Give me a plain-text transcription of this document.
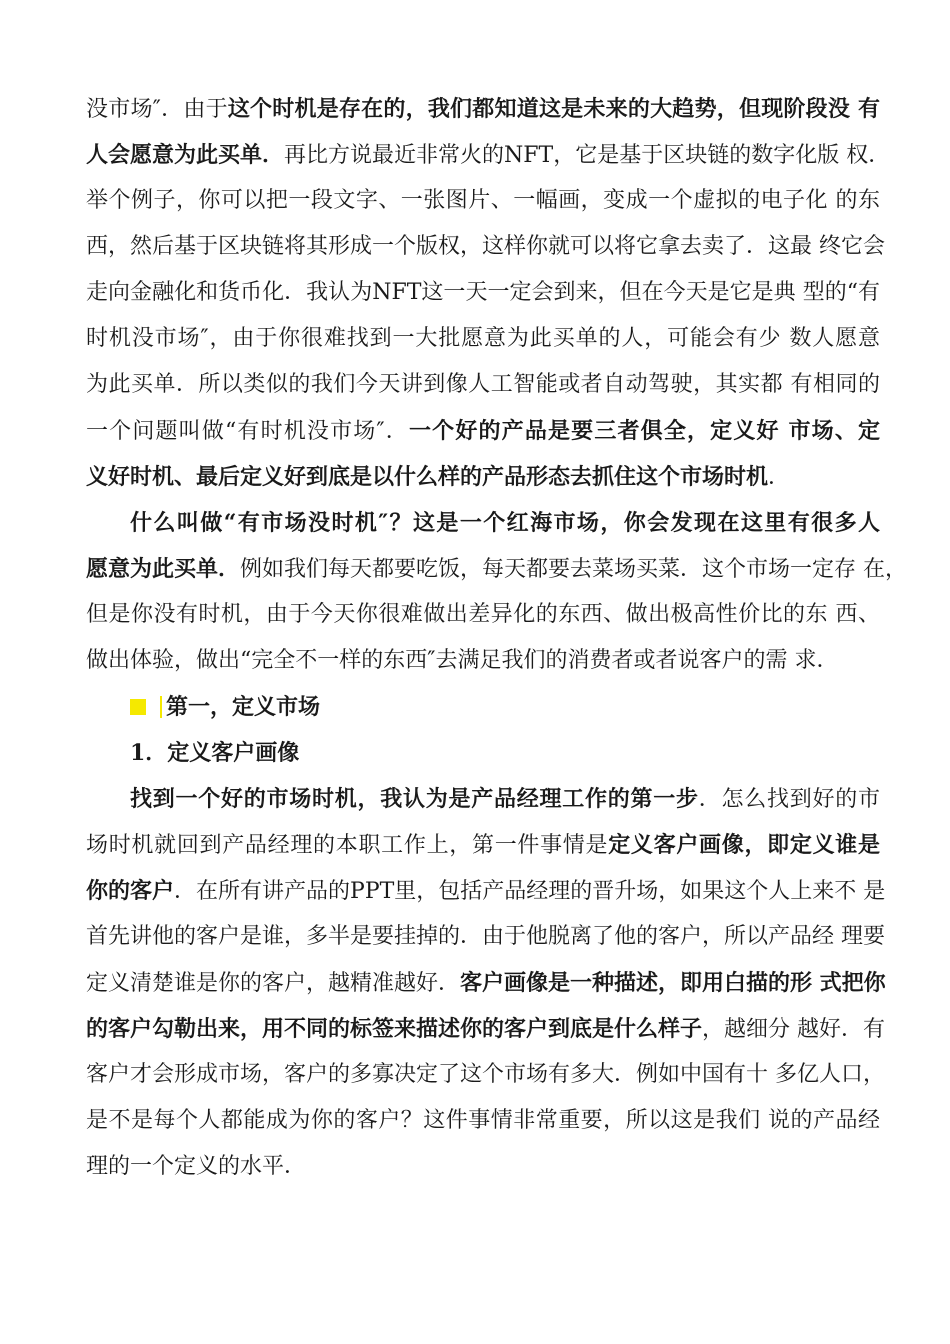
没市场″．由于这个时机是存在的，我们都知道这是未来的大趋势，但现阶段没 有
人会愿意为此买单．再比方说最近非常火的NFT，它是基于区块链的数字化版 权．
举个例子，你可以把一段文字、一张图片、一幅画，变成一个虚拟的电子化 的东
西，然后基于区块链将其形成一个版权，这样你就可以将它拿去卖了．这最 终它会
走向金融化和货币化．我认为NFT这一天一定会到来，但在今天是它是典 型的“有
时机没市场″，由于你很难找到一大批愿意为此买单的人，可能会有少 数人愿意
为此买单．所以类似的我们今天讲到像人工智能或者自动驾驶，其实都 有相同的
一个问题叫做“有时机没市场″．一个好的产品是要三者俱全，定义好 市场、定
义好时机、最后定义好到底是以什么样的产品形态去抓住这个市场时机．
什么叫做“有市场没时机″？这是一个红海市场，你会发现在这里有很多人
愿意为此买单．例如我们每天都要吃饭，每天都要去菜场买菜．这个市场一定存 在，
但是你没有时机，由于今天你很难做出差异化的东西、做出极高性价比的东 西、
做出体验，做出“完全不一样的东西″去满足我们的消费者或者说客户的需 求．
第一，定义市场
1．定义客户画像
找到一个好的市场时机，我认为是产品经理工作的第一步．怎么找到好的市
场时机就回到产品经理的本职工作上，第一件事情是定义客户画像，即定义谁是
你的客户．在所有讲产品的PPT里，包括产品经理的晋升场，如果这个人上来不 是
首先讲他的客户是谁，多半是要挂掉的．由于他脱离了他的客户，所以产品经 理要
定义清楚谁是你的客户，越精准越好．客户画像是一种描述，即用白描的形 式把你
的客户勾勒出来，用不同的标签来描述你的客户到底是什么样子，越细分 越好．有
客户才会形成市场，客户的多寡决定了这个市场有多大．例如中国有十 多亿人口，
是不是每个人都能成为你的客户？这件事情非常重要，所以这是我们 说的产品经
理的一个定义的水平．
